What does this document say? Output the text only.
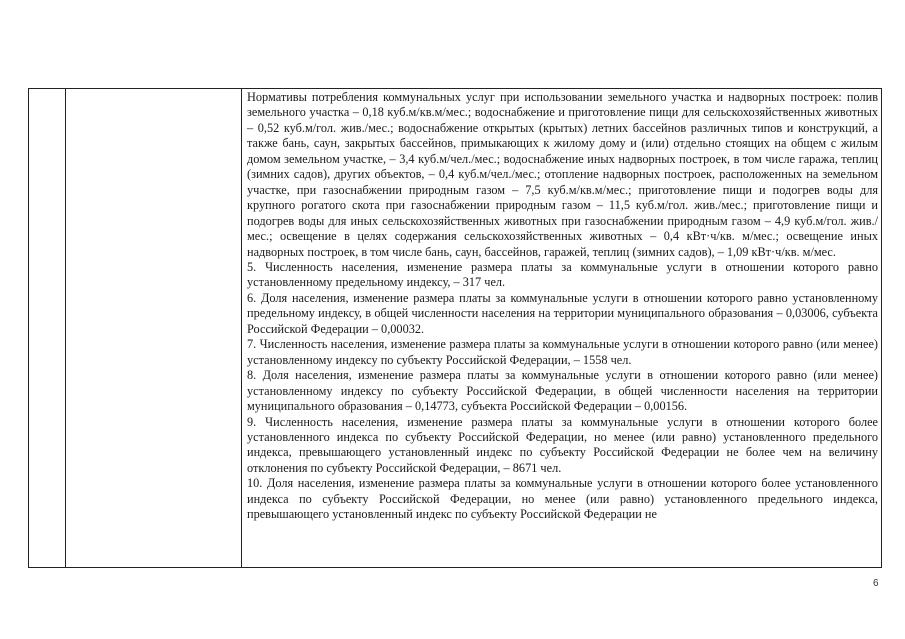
Нормативы потребления коммунальных услуг при использовании земельного участка и надворных построек: полив земельного участка – 0,18 куб.м/кв.м/мес.; водоснабжение и приготовление пищи для сельскохозяйственных животных – 0,52 куб.м/гол. жив./мес.; водоснабжение открытых (крытых) летних бассейнов различных типов и конструкций, а также бань, саун, закрытых бассейнов, примыкающих к жилому дому и (или) отдельно стоящих на общем с жилым домом земельном участке, – 3,4 куб.м/чел./мес.; водоснабжение иных надворных построек, в том числе гаража, теплиц (зимних садов), других объектов, – 0,4 куб.м/чел./мес.; отопление надворных построек, расположенных на земельном участке, при газоснабжении природным газом – 7,5 куб.м/кв.м/мес.; приготовление пищи и подогрев воды для крупного рогатого скота при газоснабжении природным газом – 11,5 куб.м/гол. жив./мес.; приготовление пищи и подогрев воды для иных сельскохозяйственных животных при газоснабжении природным газом – 4,9 куб.м/гол. жив./мес.; освещение в целях содержания сельскохозяйственных животных – 0,4 кВт·ч/кв. м/мес.; освещение иных надворных построек, в том числе бань, саун, бассейнов, гаражей, теплиц (зимних садов), – 1,09 кВт·ч/кв. м/мес.

5. Численность населения, изменение размера платы за коммунальные услуги в отношении которого равно установленному предельному индексу, – 317 чел.

6. Доля населения, изменение размера платы за коммунальные услуги в отношении которого равно установленному предельному индексу, в общей численности населения на территории муниципального образования – 0,03006, субъекта Российской Федерации – 0,00032.

7. Численность населения, изменение размера платы за коммунальные услуги в отношении которого равно (или менее) установленному индексу по субъекту Российской Федерации, – 1558 чел.

8. Доля населения, изменение размера платы за коммунальные услуги в отношении которого равно (или менее) установленному индексу по субъекту Российской Федерации, в общей численности населения на территории муниципального образования – 0,14773, субъекта Российской Федерации – 0,00156.

9. Численность населения, изменение размера платы за коммунальные услуги в отношении которого более установленного индекса по субъекту Российской Федерации, но менее (или равно) установленного предельного индекса, превышающего установленный индекс по субъекту Российской Федерации не более чем на величину отклонения по субъекту Российской Федерации, – 8671 чел.

10. Доля населения, изменение размера платы за коммунальные услуги в отношении которого более установленного индекса по субъекту Российской Федерации, но менее (или равно) установленного предельного индекса, превышающего установленный индекс по субъекту Российской Федерации не

6
